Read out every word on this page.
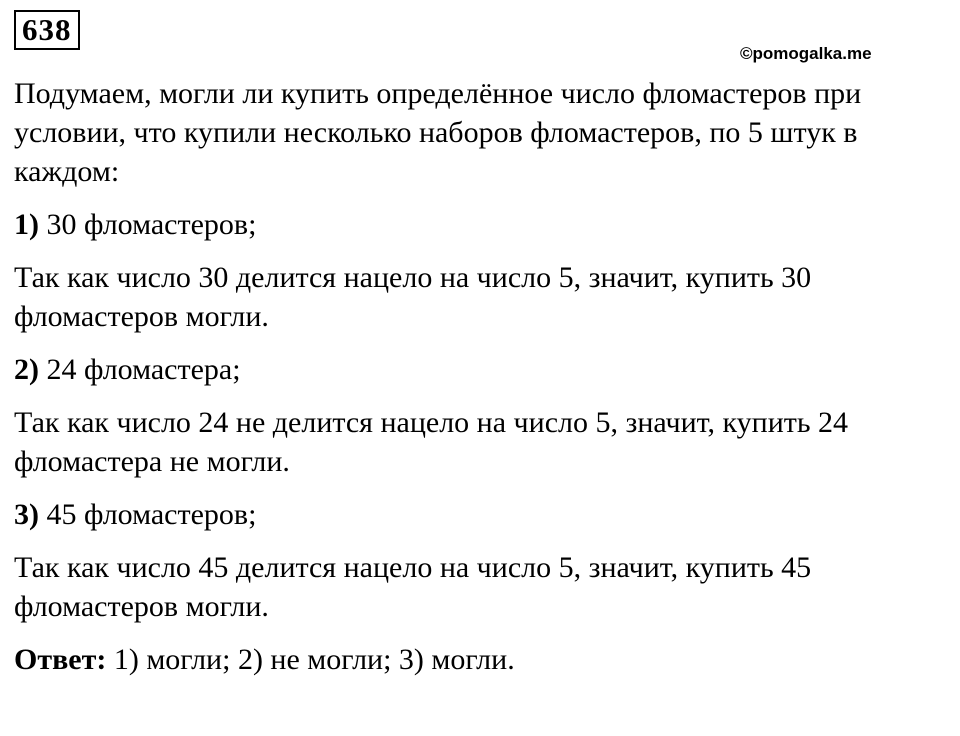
638
©pomogalka.me

Подумаем, могли ли купить определённое число фломастеров при условии, что купили несколько наборов фломастеров, по 5 штук в каждом:

1) 30 фломастеров;

Так как число 30 делится нацело на число 5, значит, купить 30 фломастеров могли.

2) 24 фломастера;

Так как число 24 не делится нацело на число 5, значит, купить 24 фломастера не могли.

3) 45 фломастеров;

Так как число 45 делится нацело на число 5, значит, купить 45 фломастеров могли.

Ответ: 1) могли; 2) не могли; 3) могли.
